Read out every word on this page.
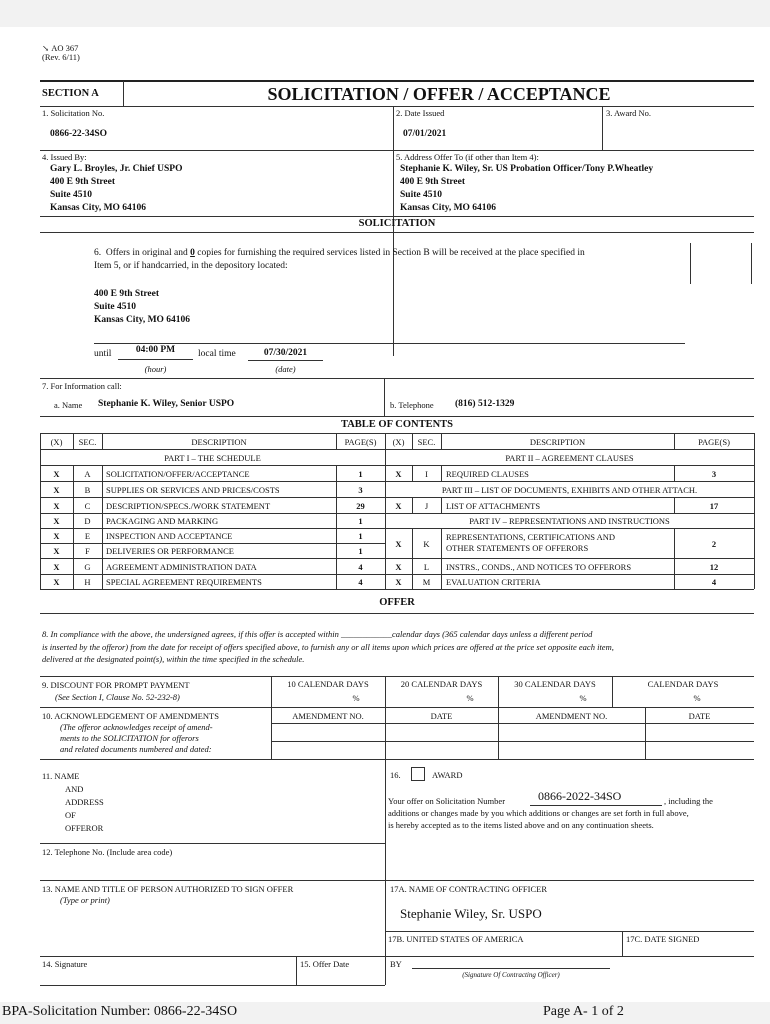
↘ AO 367
(Rev. 6/11)
SECTION A	SOLICITATION / OFFER / ACCEPTANCE
1. Solicitation No.
0866-22-34SO
2. Date Issued
07/01/2021
3. Award No.
4. Issued By:
Gary L. Broyles, Jr. Chief USPO
400 E 9th Street
Suite 4510
Kansas City, MO 64106
5. Address Offer To (if other than Item 4):
Stephanie K. Wiley, Sr. US Probation Officer/Tony P.Wheatley
400 E 9th Street
Suite 4510
Kansas City, MO 64106
SOLICITATION
6.  Offers in original and 0 copies for furnishing the required services listed in Section B will be received at the place specified in
Item 5, or if handcarried, in the depository located:
400 E 9th Street
Suite 4510
Kansas City, MO 64106
until	04:00 PM
(hour)
local time	07/30/2021
(date)
7. For Information call:
a. Name Stephanie K. Wiley, Senior USPO	b. Telephone (816) 512-1329
TABLE OF CONTENTS
(X)	SEC.	DESCRIPTION	PAGE(S)	(X)	SEC.	DESCRIPTION	PAGE(S)
PART I – THE SCHEDULE	PART II – AGREEMENT CLAUSES
PART III – LIST OF DOCUMENTS, EXHIBITS AND OTHER ATTACH.
PART IV – REPRESENTATIONS AND INSTRUCTIONS
X	A	SOLICITATION/OFFER/ACCEPTANCE	1
X	B	SUPPLIES OR SERVICES AND PRICES/COSTS	3
X	C	DESCRIPTION/SPECS./WORK STATEMENT	29
X	D	PACKAGING AND MARKING	1
X	E	INSPECTION AND ACCEPTANCE	1
X	F	DELIVERIES OR PERFORMANCE	1
X	G	AGREEMENT ADMINISTRATION DATA	4
X	H	SPECIAL AGREEMENT REQUIREMENTS	4
X	I	REQUIRED CLAUSES	3
X	J	LIST OF ATTACHMENTS	17
X	K
REPRESENTATIONS, CERTIFICATIONS AND
OTHER STATEMENTS OF OFFERORS	2
X	L	INSTRS., CONDS., AND NOTICES TO OFFERORS	12
X	M	EVALUATION CRITERIA	4
OFFER
8. In compliance with the above, the undersigned agrees, if this offer is accepted within ____________calendar days (365 calendar days unless a different period
is inserted by the offeror) from the date for receipt of offers specified above, to furnish any or all items upon which prices are offered at the price set opposite each item,
delivered at the designated point(s), within the time specified in the schedule.
9. DISCOUNT FOR PROMPT PAYMENT
(See Section I, Clause No. 52-232-8)
10 CALENDAR DAYS	20 CALENDAR DAYS	30 CALENDAR DAYS	CALENDAR DAYS
%	%	%	%
10. ACKNOWLEDGEMENT OF AMENDMENTS
(The offeror acknowledges receipt of amend-
ments to the SOLICITATION for offerors
and related documents numbered and dated:
AMENDMENT NO.	DATE	AMENDMENT NO.	DATE
11. NAME
AND
ADDRESS
OF
OFFEROR
16.	AWARD
Your offer on Solicitation Number	0866-2022-34SO	, including the
additions or changes made by you which additions or changes are set forth in full above,
is hereby accepted as to the items listed above and on any continuation sheets.
12. Telephone No. (Include area code)
13. NAME AND TITLE OF PERSON AUTHORIZED TO SIGN OFFER
(Type or print)
17A. NAME OF CONTRACTING OFFICER
Stephanie Wiley, Sr. USPO
17B. UNITED STATES OF AMERICA	17C. DATE SIGNED
14. Signature	15. Offer Date	BY
(Signature Of Contracting Officer)
BPA-Solicitation Number: 0866-22-34SO	Page A- 1 of 2
